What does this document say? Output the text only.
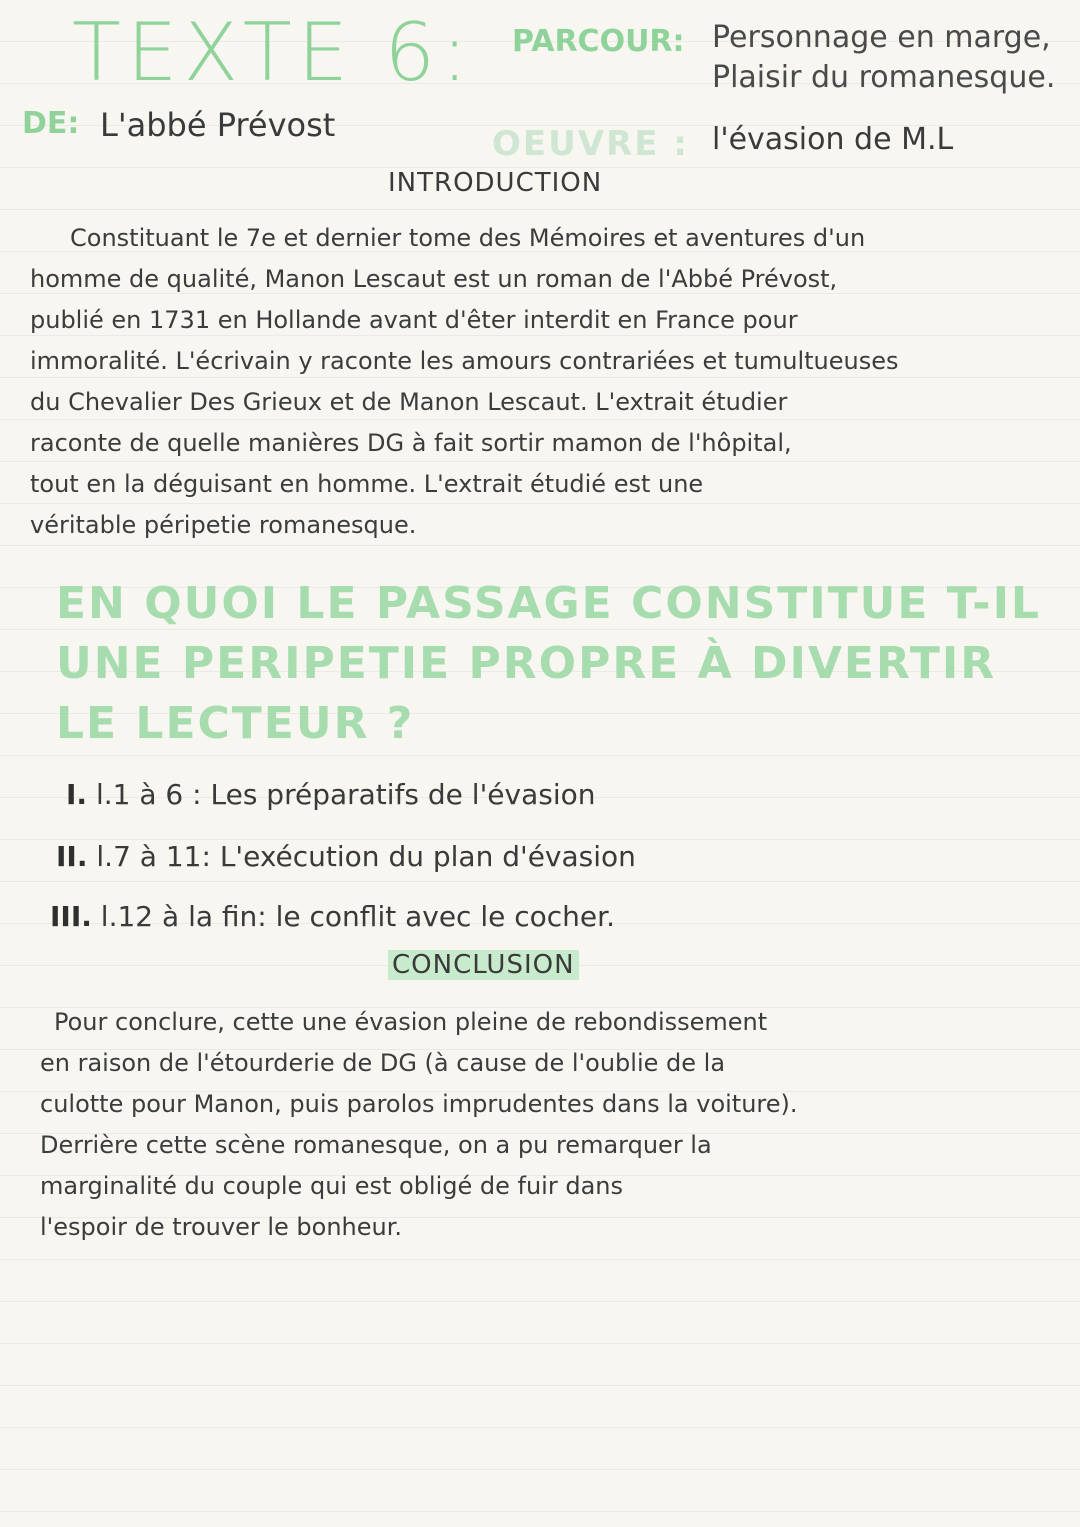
TEXTE 6: PARCOUR: Personnage en marge,
Plaisir du romanesque.
DE: L'abbé Prévost	OEUVRE : l'évasion de M.L
INTRODUCTION
Constituant le 7e et dernier tome des Mémoires et aventures d'un
homme de qualité, Manon Lescaut est un roman de l'Abbé Prévost,
publié en 1731 en Hollande avant d'êter interdit en France pour
immoralité. L'écrivain y raconte les amours contrariées et tumultueuses
du Chevalier Des Grieux et de Manon Lescaut. L'extrait étudier
raconte de quelle manières DG à fait sortir mamon de l'hôpital,
tout en la déguisant en homme. L'extrait étudié est une
véritable péripetie romanesque.
EN QUOI LE PASSAGE CONSTITUE T-IL
UNE PERIPETIE PROPRE À DIVERTIR
LE LECTEUR ?
I. l.1 à 6 : Les préparatifs de l'évasion
II. l.7 à 11: L'exécution du plan d'évasion
III. l.12 à la fin: le conflit avec le cocher.
CONCLUSION
Pour conclure, cette une évasion pleine de rebondissement
en raison de l'étourderie de DG (à cause de l'oublie de la
culotte pour Manon, puis parolos imprudentes dans la voiture).
Derrière cette scène romanesque, on a pu remarquer la
marginalité du couple qui est obligé de fuir dans
l'espoir de trouver le bonheur.
